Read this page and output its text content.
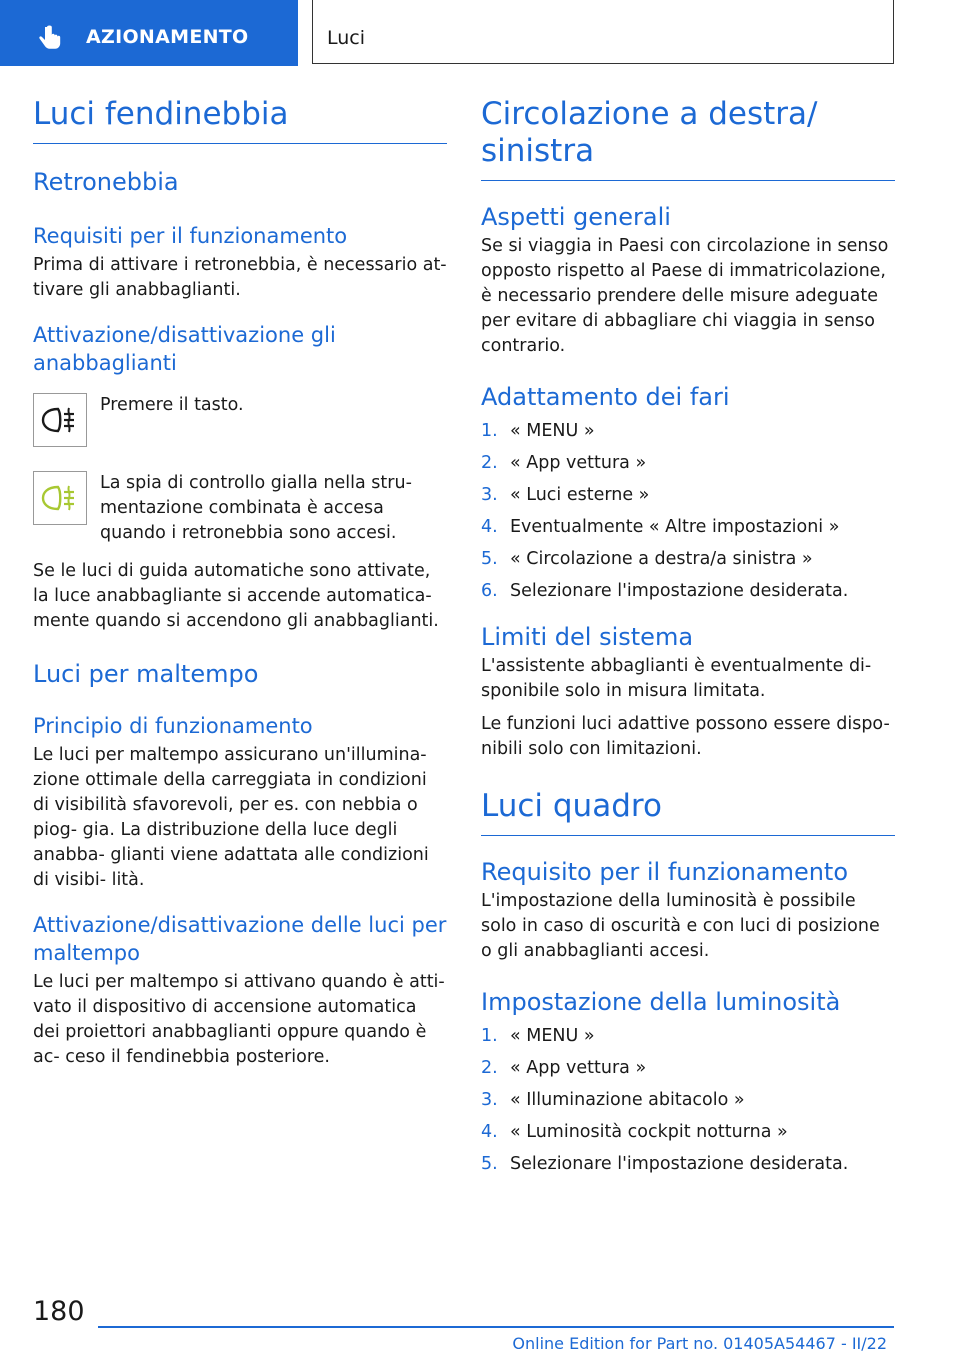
AZIONAMENTO	Luci
Luci fendinebbia
Retronebbia
Requisiti per il funzionamento

Prima di attivare i retronebbia, è necessario at- tivare gli anabbaglianti.

Attivazione/disattivazione gli anabbaglianti

Premere il tasto.

La spia di controllo gialla nella stru- mentazione combinata è accesa quando i retronebbia sono accesi.

Se le luci di guida automatiche sono attivate, la luce anabbagliante si accende automatica- mente quando si accendono gli anabbaglianti.

Luci per maltempo
Principio di funzionamento

Le luci per maltempo assicurano un'illumina- zione ottimale della carreggiata in condizioni di visibilità sfavorevoli, per es. con nebbia o piog- gia. La distribuzione della luce degli anabba- glianti viene adattata alle condizioni di visibi- lità.

Attivazione/disattivazione delle luci per maltempo

Le luci per maltempo si attivano quando è atti- vato il dispositivo di accensione automatica dei proiettori anabbaglianti oppure quando è ac- ceso il fendinebbia posteriore.

Circolazione a destra/ sinistra
Aspetti generali

Se si viaggia in Paesi con circolazione in senso opposto rispetto al Paese di immatricolazione, è necessario prendere delle misure adeguate per evitare di abbagliare chi viaggia in senso contrario.

Adattamento dei fari
1. « MENU »
2. « App vettura »
3. « Luci esterne »
4. Eventualmente « Altre impostazioni »
5. « Circolazione a destra/a sinistra »
6. Selezionare l'impostazione desiderata.
Limiti del sistema

L'assistente abbaglianti è eventualmente di- sponibile solo in misura limitata.

Le funzioni luci adattive possono essere dispo- nibili solo con limitazioni.

Luci quadro
Requisito per il funzionamento

L'impostazione della luminosità è possibile solo in caso di oscurità e con luci di posizione o gli anabbaglianti accesi.

Impostazione della luminosità
1. « MENU »
2. « App vettura »
3. « Illuminazione abitacolo »
4. « Luminosità cockpit notturna »
5. Selezionare l'impostazione desiderata.
180
Online Edition for Part no. 01405A54467 - II/22
